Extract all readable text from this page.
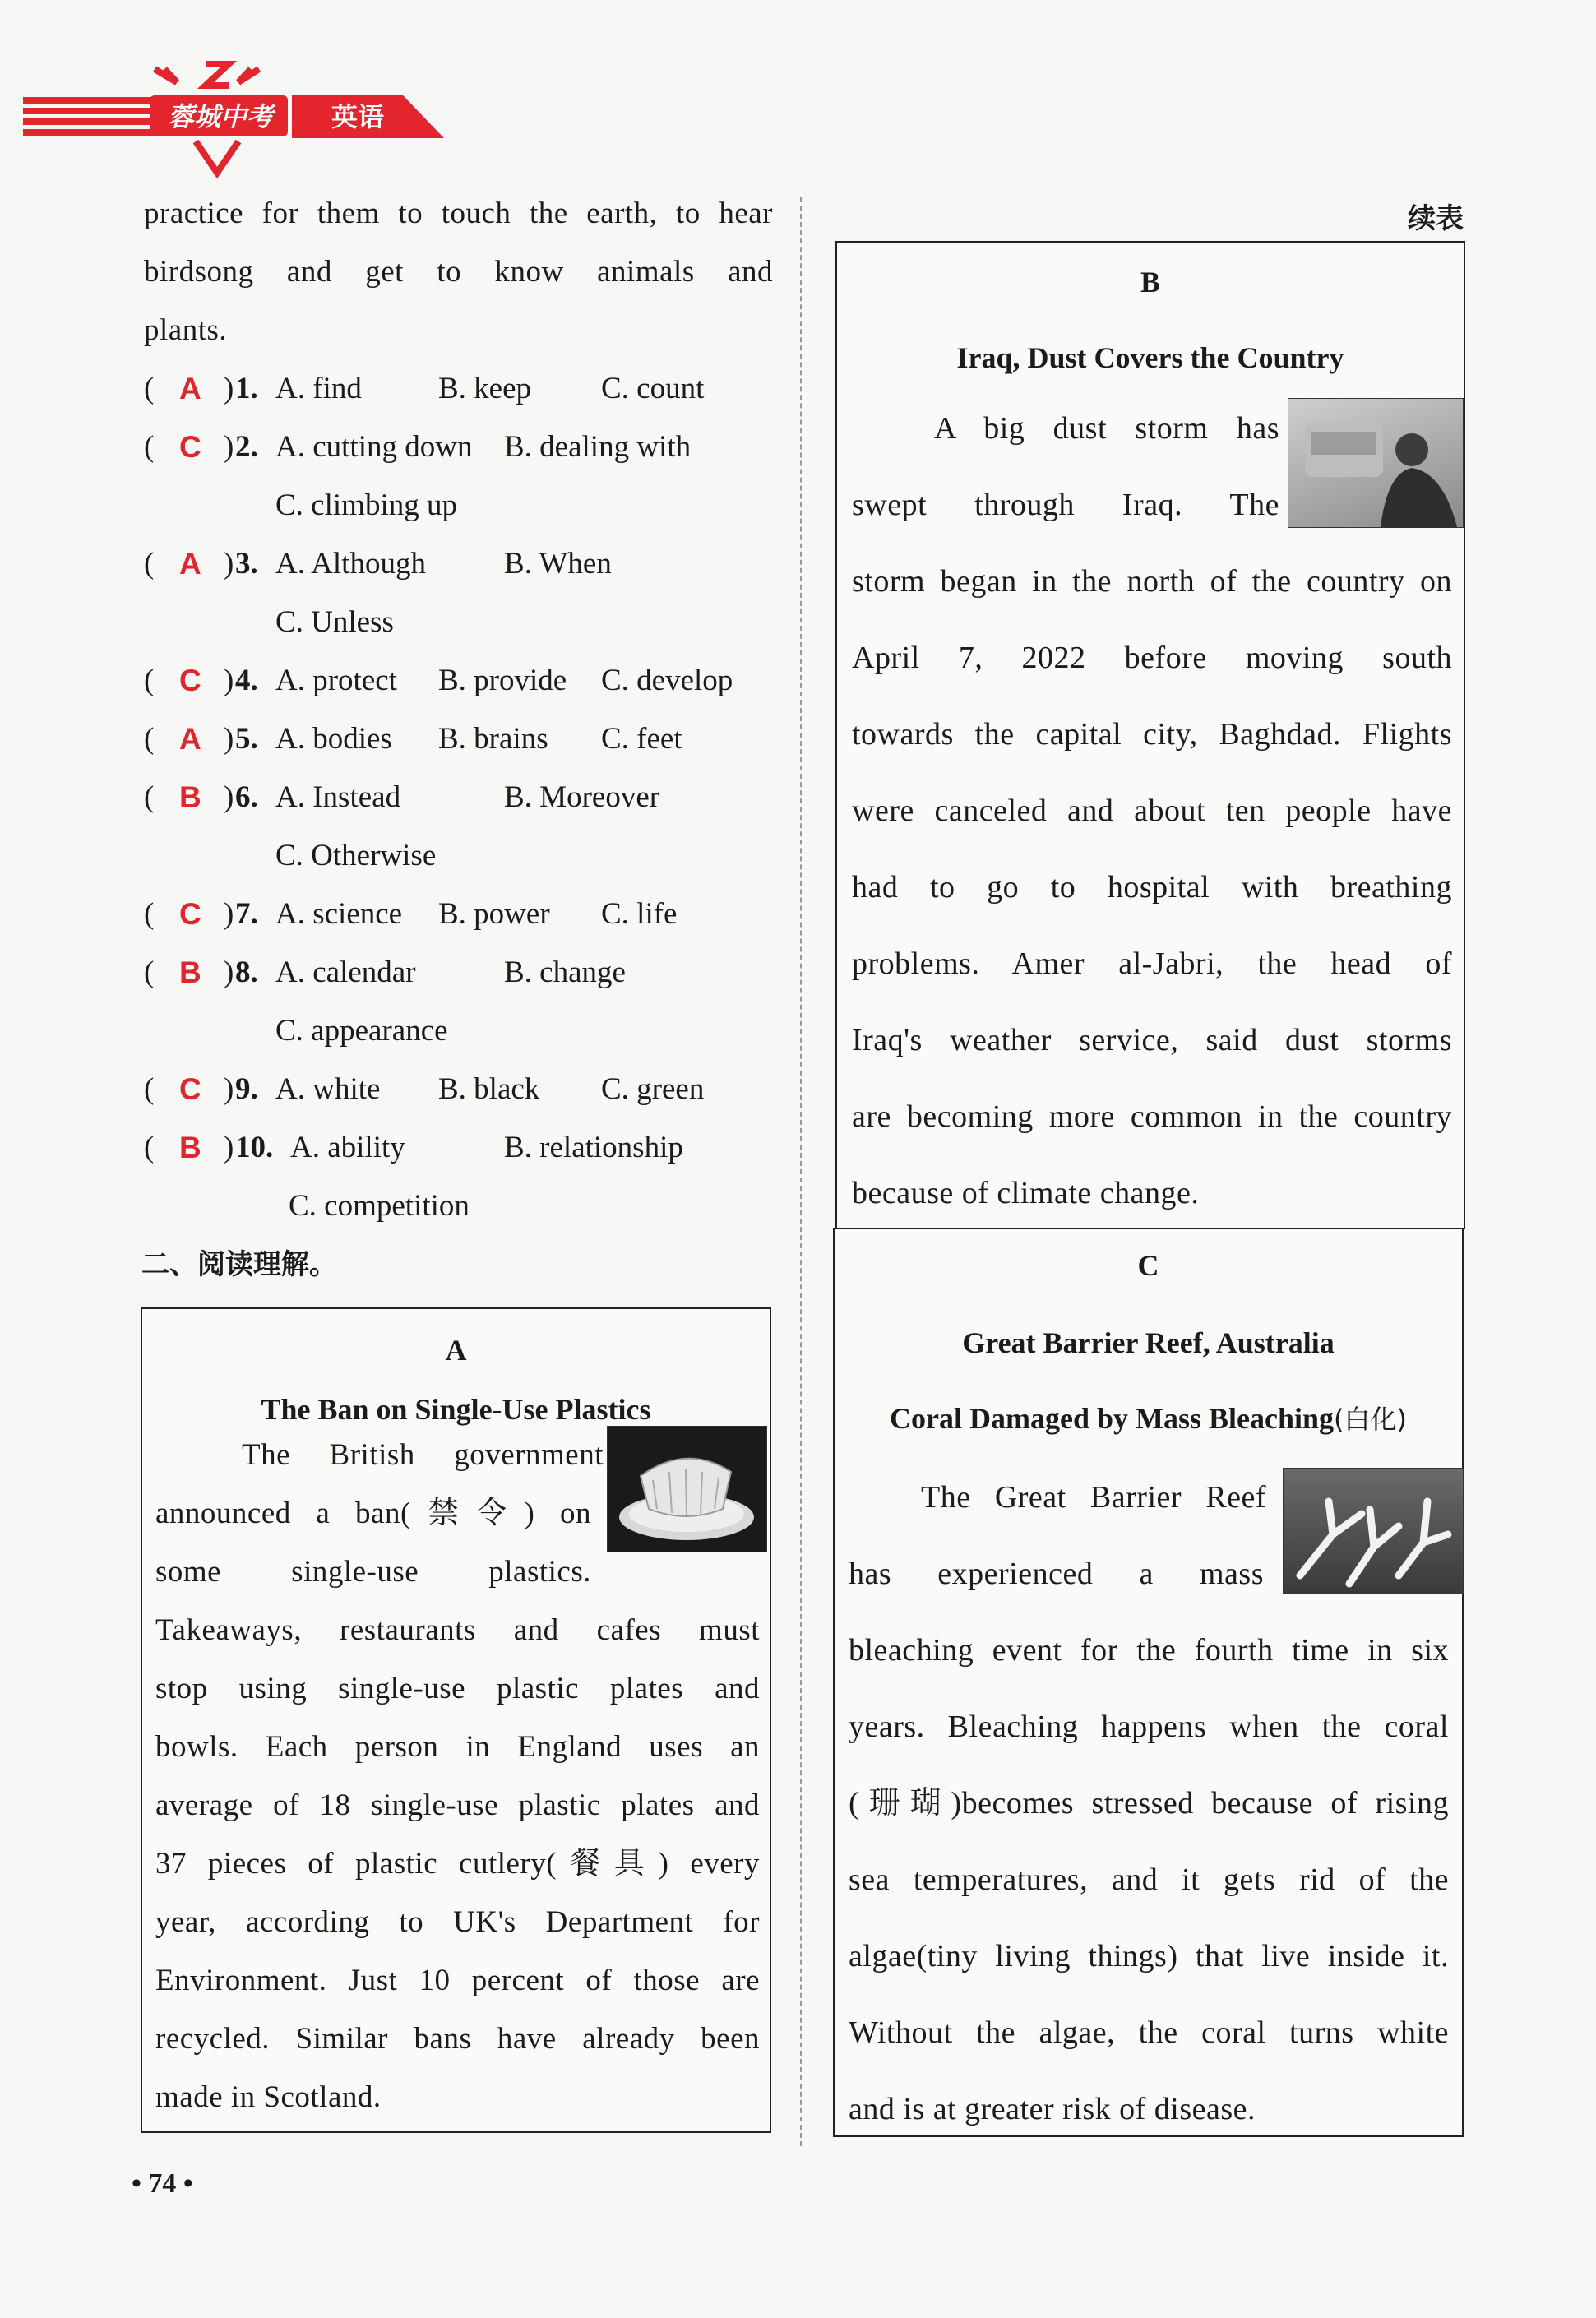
蓉城中考	英语
practice for them to touch the earth, to hear
birdsong and get to know animals and
plants.
( A ) 1. A. find	B. keep C. count
( C ) 2. A. cutting down B. dealing with
C. climbing up
( A ) 3. A. Although	B. When
C. Unless
( C ) 4. A. protect B. provide C. develop
( A ) 5. A. bodies B. brains C. feet
( B ) 6. A. Instead	B. Moreover
C. Otherwise
( C ) 7. A. science B. power C. life
( B ) 8. A. calendar	B. change
C. appearance
( C ) 9. A. white B. black C. green
( B ) 10. A. ability	B. relationship
C. competition
二、阅读理解。
A
The Ban on Single-Use Plastics
The British government
announced a ban(禁令) on
some single-use plastics.
Takeaways, restaurants and cafes must
stop using single-use plastic plates and
bowls. Each person in England uses an
average of 18 single-use plastic plates and
37 pieces of plastic cutlery(餐具) every
year, according to UK's Department for
Environment. Just 10 percent of those are
recycled. Similar bans have already been
made in Scotland.
续表
B
Iraq, Dust Covers the Country
A big dust storm has
swept through Iraq. The
storm began in the north of the country on
April 7, 2022 before moving south
towards the capital city, Baghdad. Flights
were canceled and about ten people have
had to go to hospital with breathing
problems. Amer al-Jabri, the head of
Iraq's weather service, said dust storms
are becoming more common in the country
because of climate change.
C
Great Barrier Reef, Australia
Coral Damaged by Mass Bleaching(白化)
The Great Barrier Reef
has experienced a mass
bleaching event for the fourth time in six
years. Bleaching happens when the coral
(珊瑚)becomes stressed because of rising
sea temperatures, and it gets rid of the
algae(tiny living things) that live inside it.
Without the algae, the coral turns white
and is at greater risk of disease.
• 74 •
